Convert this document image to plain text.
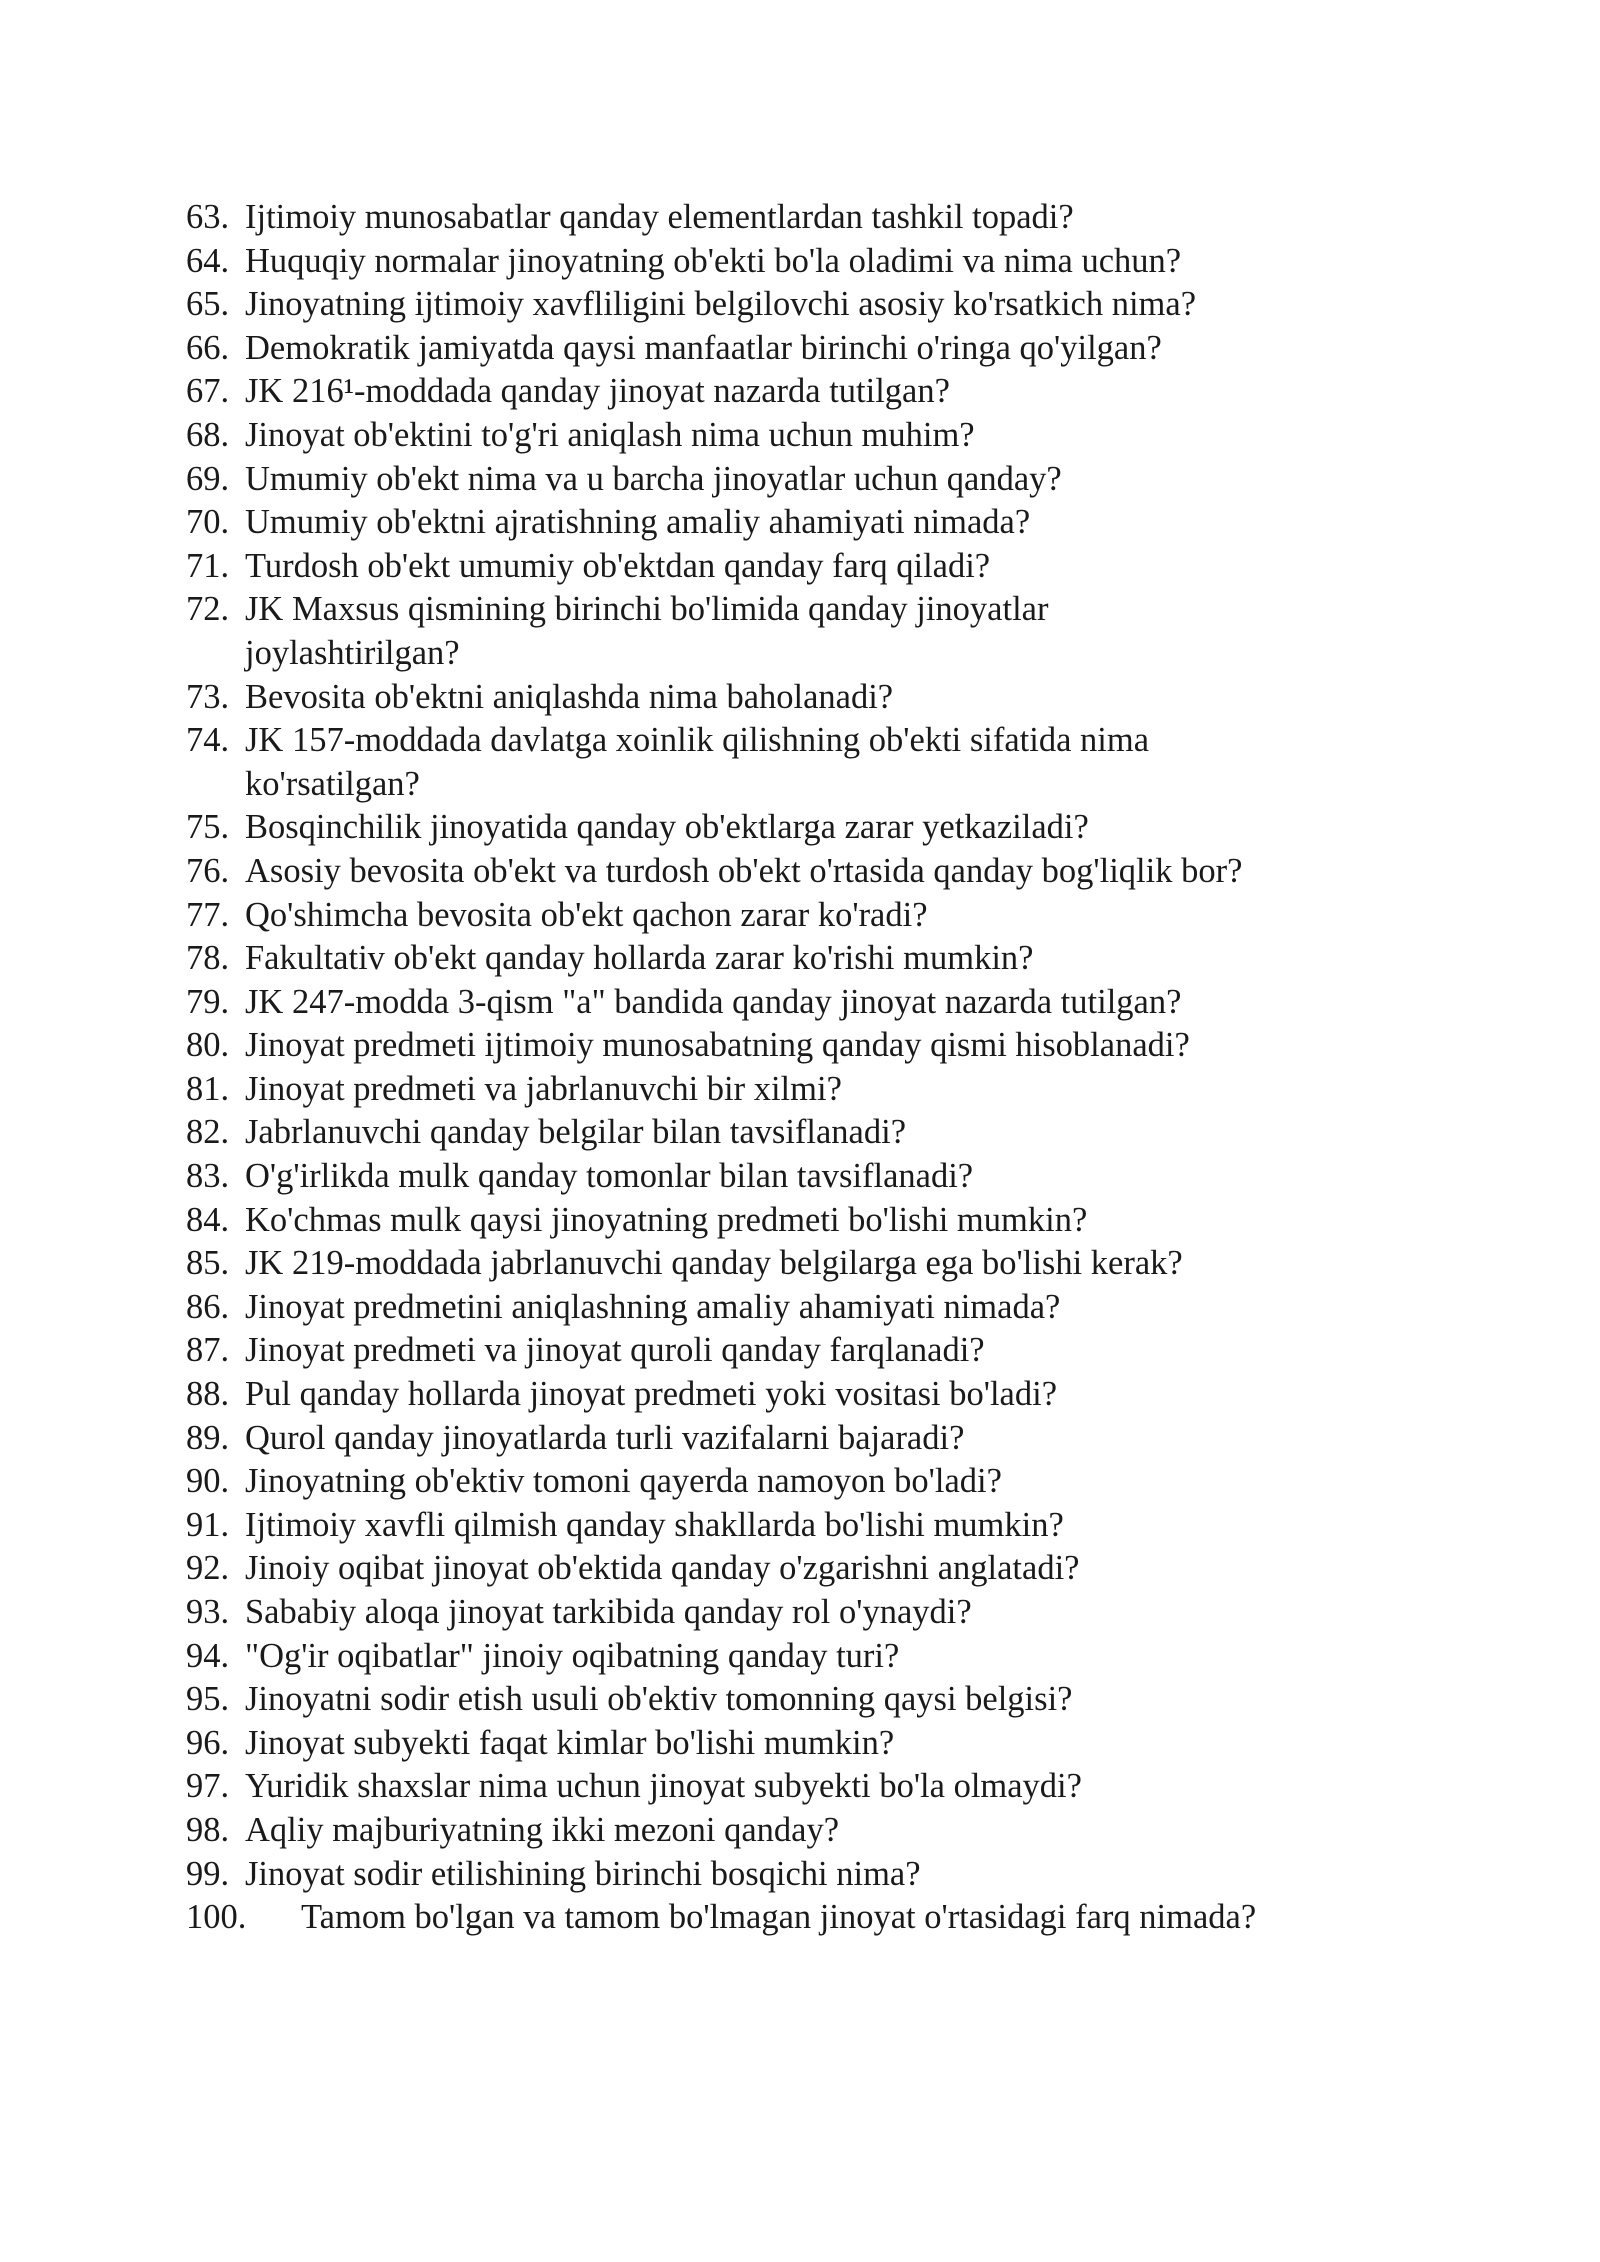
63. Ijtimoiy munosabatlar qanday elementlardan tashkil topadi?
64. Huquqiy normalar jinoyatning ob'ekti bo'la oladimi va nima uchun?
65. Jinoyatning ijtimoiy xavfliligini belgilovchi asosiy ko'rsatkich nima?
66. Demokratik jamiyatda qaysi manfaatlar birinchi o'ringa qo'yilgan?
67. JK 216¹-moddada qanday jinoyat nazarda tutilgan?
68. Jinoyat ob'ektini to'g'ri aniqlash nima uchun muhim?
69. Umumiy ob'ekt nima va u barcha jinoyatlar uchun qanday?
70. Umumiy ob'ektni ajratishning amaliy ahamiyati nimada?
71. Turdosh ob'ekt umumiy ob'ektdan qanday farq qiladi?
72. JK Maxsus qismining birinchi bo'limida qanday jinoyatlar joylashtirilgan?
73. Bevosita ob'ektni aniqlashda nima baholanadi?
74. JK 157-moddada davlatga xoinlik qilishning ob'ekti sifatida nima ko'rsatilgan?
75. Bosqinchilik jinoyatida qanday ob'ektlarga zarar yetkaziladi?
76. Asosiy bevosita ob'ekt va turdosh ob'ekt o'rtasida qanday bog'liqlik bor?
77. Qo'shimcha bevosita ob'ekt qachon zarar ko'radi?
78. Fakultativ ob'ekt qanday hollarda zarar ko'rishi mumkin?
79. JK 247-modda 3-qism "a" bandida qanday jinoyat nazarda tutilgan?
80. Jinoyat predmeti ijtimoiy munosabatning qanday qismi hisoblanadi?
81. Jinoyat predmeti va jabrlanuvchi bir xilmi?
82. Jabrlanuvchi qanday belgilar bilan tavsiflanadi?
83. O'g'irlikda mulk qanday tomonlar bilan tavsiflanadi?
84. Ko'chmas mulk qaysi jinoyatning predmeti bo'lishi mumkin?
85. JK 219-moddada jabrlanuvchi qanday belgilarga ega bo'lishi kerak?
86. Jinoyat predmetini aniqlashning amaliy ahamiyati nimada?
87. Jinoyat predmeti va jinoyat quroli qanday farqlanadi?
88. Pul qanday hollarda jinoyat predmeti yoki vositasi bo'ladi?
89. Qurol qanday jinoyatlarda turli vazifalarni bajaradi?
90. Jinoyatning ob'ektiv tomoni qayerda namoyon bo'ladi?
91. Ijtimoiy xavfli qilmish qanday shakllarda bo'lishi mumkin?
92. Jinoiy oqibat jinoyat ob'ektida qanday o'zgarishni anglatadi?
93. Sababiy aloqa jinoyat tarkibida qanday rol o'ynaydi?
94. "Og'ir oqibatlar" jinoiy oqibatning qanday turi?
95. Jinoyatni sodir etish usuli ob'ektiv tomonning qaysi belgisi?
96. Jinoyat subyekti faqat kimlar bo'lishi mumkin?
97. Yuridik shaxslar nima uchun jinoyat subyekti bo'la olmaydi?
98. Aqliy majburiyatning ikki mezoni qanday?
99. Jinoyat sodir etilishining birinchi bosqichi nima?
100.	Tamom bo'lgan va tamom bo'lmagan jinoyat o'rtasidagi farq nimada?
